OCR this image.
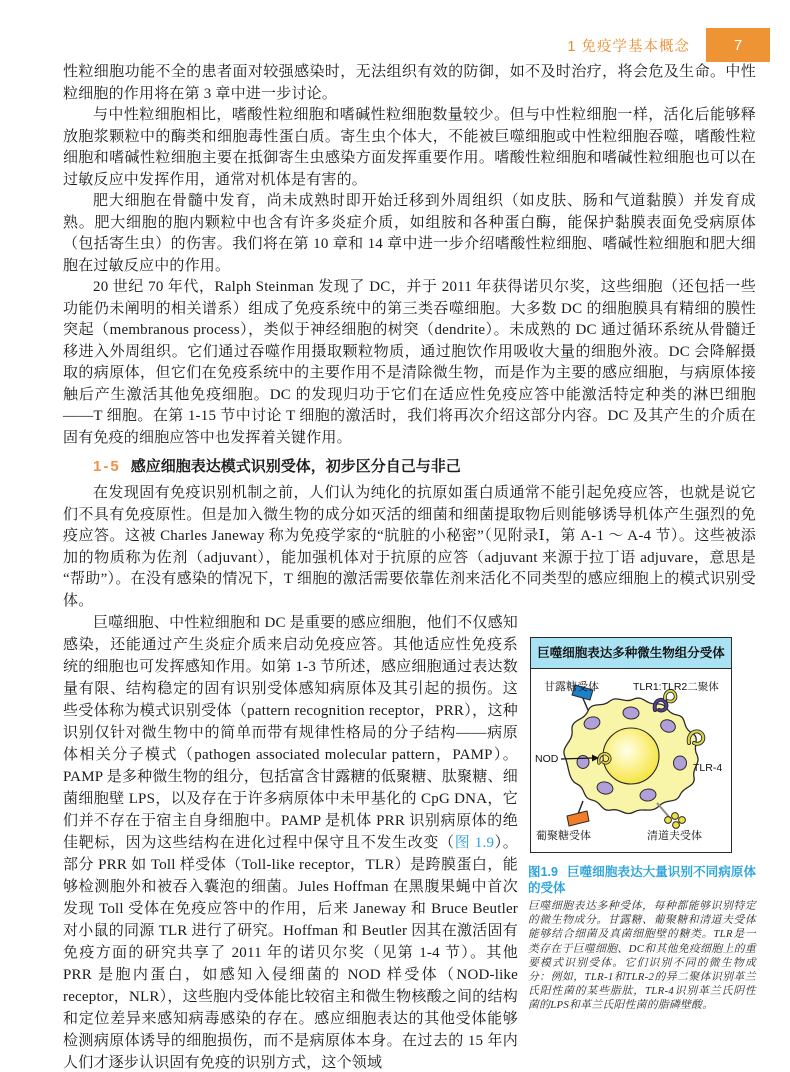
1 免疫学基本概念	7

性粒细胞功能不全的患者面对较强感染时，无法组织有效的防御，如不及时治疗，将会危及生命。中性粒细胞的作用将在第 3 章中进一步讨论。

与中性粒细胞相比，嗜酸性粒细胞和嗜碱性粒细胞数量较少。但与中性粒细胞一样，活化后能够释放胞浆颗粒中的酶类和细胞毒性蛋白质。寄生虫个体大，不能被巨噬细胞或中性粒细胞吞噬，嗜酸性粒细胞和嗜碱性粒细胞主要在抵御寄生虫感染方面发挥重要作用。嗜酸性粒细胞和嗜碱性粒细胞也可以在过敏反应中发挥作用，通常对机体是有害的。

肥大细胞在骨髓中发育，尚未成熟时即开始迁移到外周组织（如皮肤、肠和气道黏膜）并发育成熟。肥大细胞的胞内颗粒中也含有许多炎症介质，如组胺和各种蛋白酶，能保护黏膜表面免受病原体（包括寄生虫）的伤害。我们将在第 10 章和 14 章中进一步介绍嗜酸性粒细胞、嗜碱性粒细胞和肥大细胞在过敏反应中的作用。

20 世纪 70 年代，Ralph Steinman 发现了 DC，并于 2011 年获得诺贝尔奖，这些细胞（还包括一些功能仍未阐明的相关谱系）组成了免疫系统中的第三类吞噬细胞。大多数 DC 的细胞膜具有精细的膜性突起（membranous process），类似于神经细胞的树突（dendrite）。未成熟的 DC 通过循环系统从骨髓迁移进入外周组织。它们通过吞噬作用摄取颗粒物质，通过胞饮作用吸收大量的细胞外液。DC 会降解摄取的病原体，但它们在免疫系统中的主要作用不是清除微生物，而是作为主要的感应细胞，与病原体接触后产生激活其他免疫细胞。DC 的发现归功于它们在适应性免疫应答中能激活特定种类的淋巴细胞——T 细胞。在第 1-15 节中讨论 T 细胞的激活时，我们将再次介绍这部分内容。DC 及其产生的介质在固有免疫的细胞应答中也发挥着关键作用。

1-5 感应细胞表达模式识别受体，初步区分自己与非己

在发现固有免疫识别机制之前，人们认为纯化的抗原如蛋白质通常不能引起免疫应答，也就是说它们不具有免疫原性。但是加入微生物的成分如灭活的细菌和细菌提取物后则能够诱导机体产生强烈的免疫应答。这被 Charles Janeway 称为免疫学家的“肮脏的小秘密”（见附录Ⅰ，第 A-1 ～ A-4 节）。这些被添加的物质称为佐剂（adjuvant），能加强机体对于抗原的应答（adjuvant 来源于拉丁语 adjuvare，意思是“帮助”）。在没有感染的情况下，T 细胞的激活需要依靠佐剂来活化不同类型的感应细胞上的模式识别受体。

巨噬细胞、中性粒细胞和 DC 是重要的感应细胞，他们不仅感知感染，还能通过产生炎症介质来启动免疫应答。其他适应性免疫系统的细胞也可发挥感知作用。如第 1-3 节所述，感应细胞通过表达数量有限、结构稳定的固有识别受体感知病原体及其引起的损伤。这些受体称为模式识别受体（pattern recognition receptor，PRR），这种识别仅针对微生物中的简单而带有规律性格局的分子结构——病原体相关分子模式（pathogen associated molecular pattern，PAMP）。PAMP 是多种微生物的组分，包括富含甘露糖的低聚糖、肽聚糖、细菌细胞壁 LPS，以及存在于许多病原体中未甲基化的 CpG DNA，它们并不存在于宿主自身细胞中。PAMP 是机体 PRR 识别病原体的绝佳靶标，因为这些结构在进化过程中保守且不发生改变（图 1.9）。部分 PRR 如 Toll 样受体（Toll-like receptor，TLR）是跨膜蛋白，能够检测胞外和被吞入囊泡的细菌。Jules Hoffman 在黑腹果蝇中首次发现 Toll 受体在免疫应答中的作用，后来 Janeway 和 Bruce Beutler 对小鼠的同源 TLR 进行了研究。Hoffman 和 Beutler 因其在激活固有免疫方面的研究共享了 2011 年的诺贝尔奖（见第 1-4 节）。其他 PRR 是胞内蛋白，如感知入侵细菌的 NOD 样受体（NOD-like receptor，NLR），这些胞内受体能比较宿主和微生物核酸之间的结构和定位差异来感知病毒感染的存在。感应细胞表达的其他受体能够检测病原体诱导的细胞损伤，而不是病原体本身。在过去的 15 年内人们才逐步认识固有免疫的识别方式，这个领域

巨噬细胞表达多种微生物组分受体
甘露糖受体	TLR1:TLR2二聚体
NOD
TLR-4
葡聚糖受体	清道夫受体
图1.9 巨噬细胞表达大量识别不同病原体的受体
巨噬细胞表达多种受体，每种都能够识别特定的微生物成分。甘露糖、葡聚糖和清道夫受体能够结合细菌及真菌细胞壁的糖类。TLR是一类存在于巨噬细胞、DC和其他免疫细胞上的重要模式识别受体。它们识别不同的微生物成分：例如，TLR-1和TLR-2的异二聚体识别革兰氏阳性菌的某些脂肽，TLR-4识别革兰氏阴性菌的LPS和革兰氏阳性菌的脂磷壁酸。
